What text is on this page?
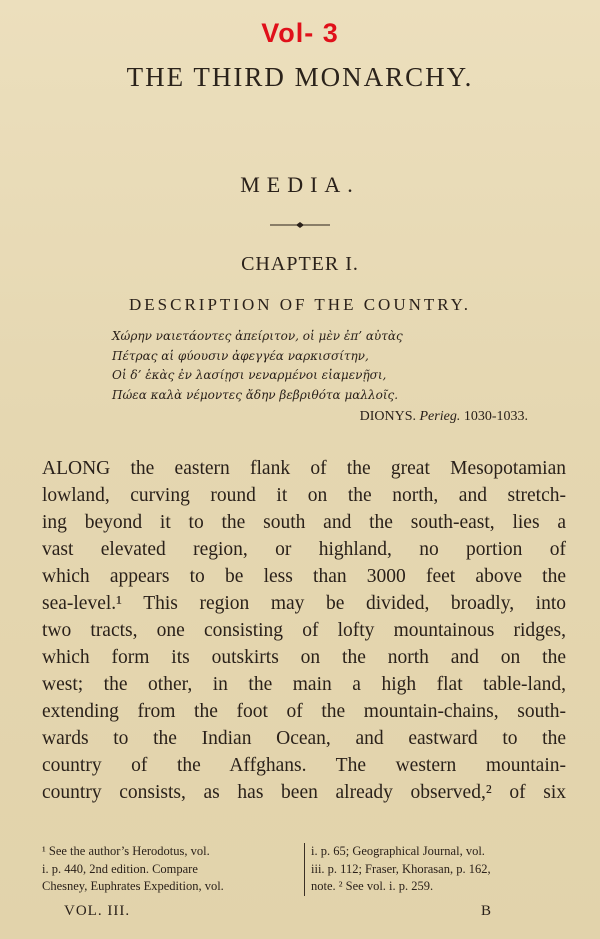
Vol- 3
THE THIRD MONARCHY.
MEDIA.
CHAPTER I.
DESCRIPTION OF THE COUNTRY.
Χώρην ναιετάοντες ἀπείριτον, οἱ μὲν ἐπ’ αὐτὰς
Πέτρας αἱ φύουσιν ἀφεγγέα ναρκισσίτην,
Οἱ δ’ ἑκὰς ἐν λασίῃσι νεναρμένοι εἰαμενῇσι,
Πώεα καλὰ νέμοντες ἄδην βεβριθότα μαλλοῖς.
DIONYS. Perieg. 1030-1033.
ALONG the eastern flank of the great Mesopotamian
lowland, curving round it on the north, and stretch-
ing beyond it to the south and the south-east, lies a
vast elevated region, or highland, no portion of
which appears to be less than 3000 feet above the
sea-level.¹ This region may be divided, broadly, into
two tracts, one consisting of lofty mountainous ridges,
which form its outskirts on the north and on the
west; the other, in the main a high flat table-land,
extending from the foot of the mountain-chains, south-
wards to the Indian Ocean, and eastward to the
country of the Affghans. The western mountain-
country consists, as has been already observed,² of six
¹ See the author’s Herodotus, vol.
i. p. 440, 2nd edition. Compare
Chesney, Euphrates Expedition, vol.
i. p. 65; Geographical Journal, vol.
iii. p. 112; Fraser, Khorasan, p. 162,
note. ² See vol. i. p. 259.
VOL. III.	B
